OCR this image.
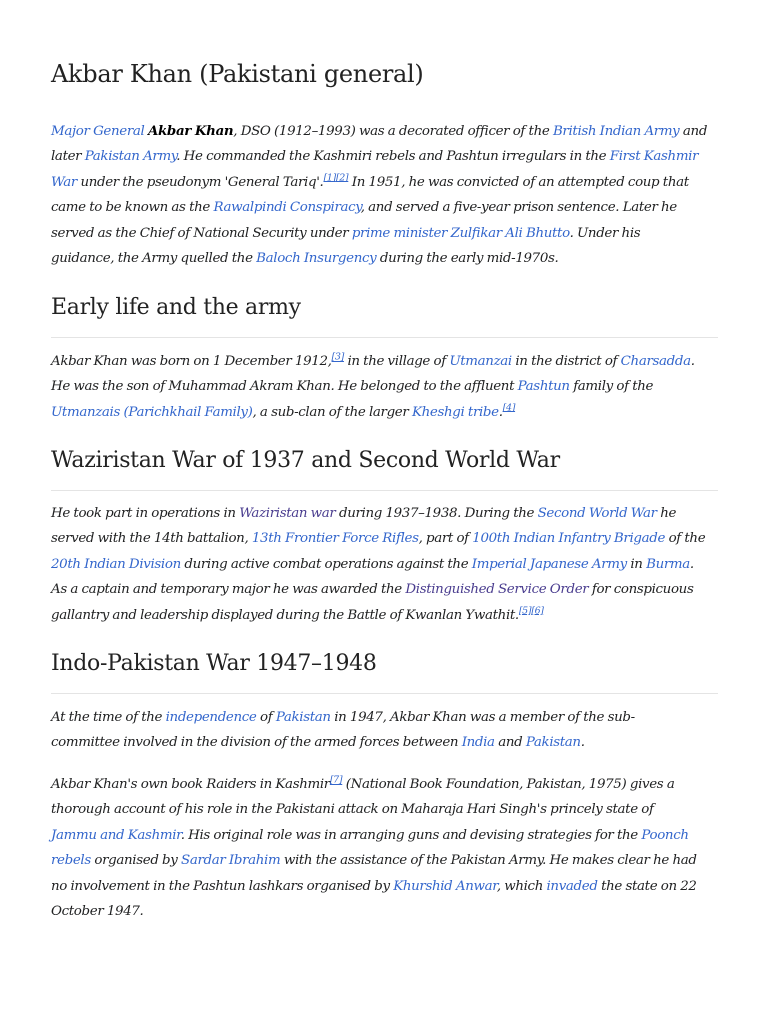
Akbar Khan (Pakistani general)

Major General Akbar Khan, DSO (1912–1993) was a decorated officer of the British Indian Army and
later Pakistan Army. He commanded the Kashmiri rebels and Pashtun irregulars in the First Kashmir
War under the pseudonym 'General Tariq'.[1][2] In 1951, he was convicted of an attempted coup that
came to be known as the Rawalpindi Conspiracy, and served a five-year prison sentence. Later he
served as the Chief of National Security under prime minister Zulfikar Ali Bhutto. Under his
guidance, the Army quelled the Baloch Insurgency during the early mid-1970s.

Early life and the army

Akbar Khan was born on 1 December 1912,[3] in the village of Utmanzai in the district of Charsadda.
He was the son of Muhammad Akram Khan. He belonged to the affluent Pashtun family of the
Utmanzais (Parichkhail Family), a sub-clan of the larger Kheshgi tribe.[4]

Waziristan War of 1937 and Second World War

He took part in operations in Waziristan war during 1937–1938. During the Second World War he
served with the 14th battalion, 13th Frontier Force Rifles, part of 100th Indian Infantry Brigade of the
20th Indian Division during active combat operations against the Imperial Japanese Army in Burma.
As a captain and temporary major he was awarded the Distinguished Service Order for conspicuous
gallantry and leadership displayed during the Battle of Kwanlan Ywathit.[5][6]

Indo-Pakistan War 1947–1948

At the time of the independence of Pakistan in 1947, Akbar Khan was a member of the sub-
committee involved in the division of the armed forces between India and Pakistan.

Akbar Khan's own book Raiders in Kashmir[7] (National Book Foundation, Pakistan, 1975) gives a
thorough account of his role in the Pakistani attack on Maharaja Hari Singh's princely state of
Jammu and Kashmir. His original role was in arranging guns and devising strategies for the Poonch
rebels organised by Sardar Ibrahim with the assistance of the Pakistan Army. He makes clear he had
no involvement in the Pashtun lashkars organised by Khurshid Anwar, which invaded the state on 22
October 1947.
